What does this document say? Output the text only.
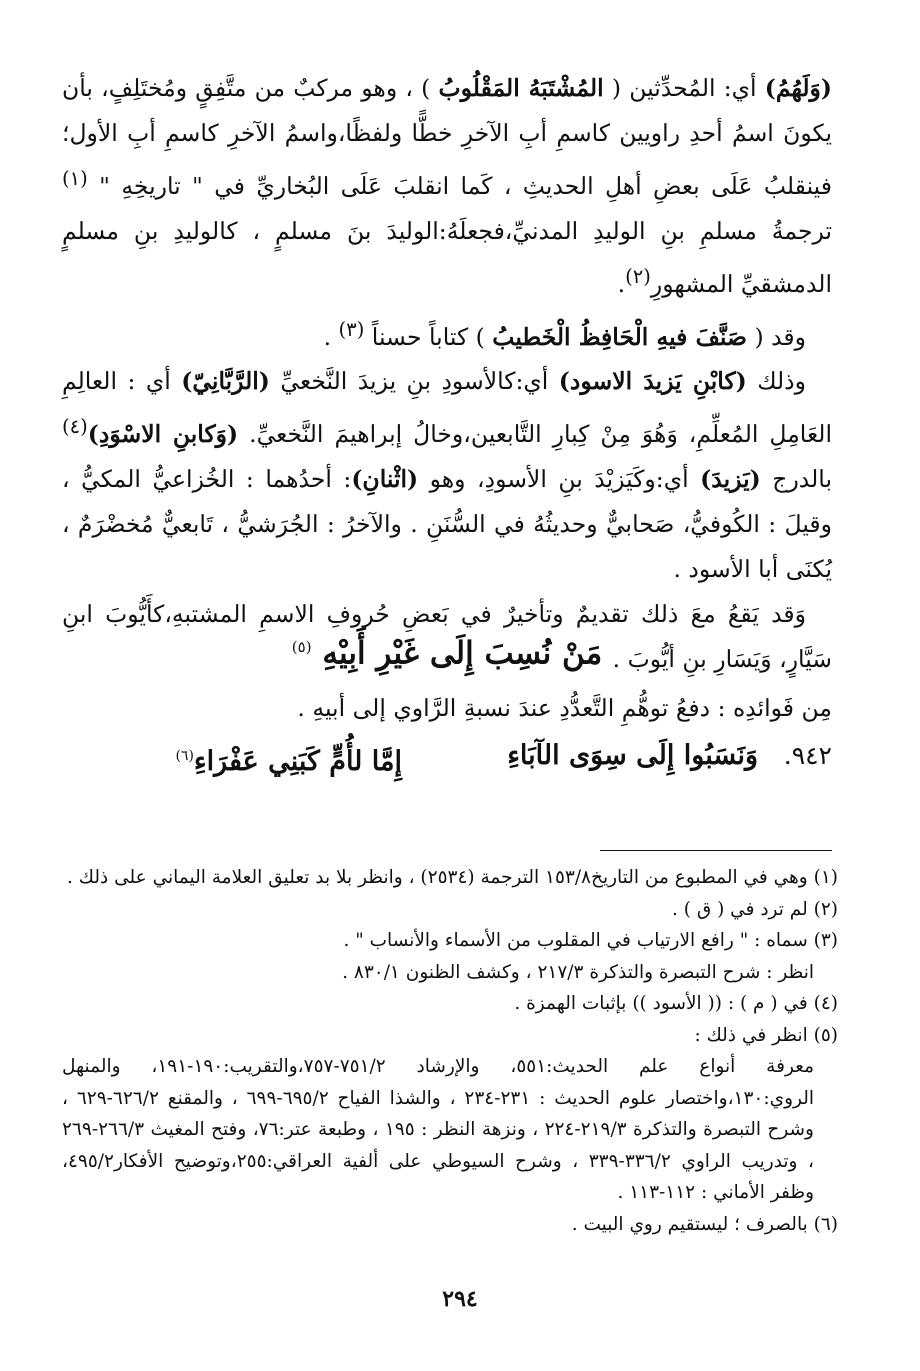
(وَلَهُمُ) أي: المُحدِّثين ( المُشْتَبَهُ المَقْلُوبُ ) ، وهو مركبٌ من متَّفِقٍ ومُختَلِفٍ، بأن يكونَ اسمُ أحدِ راويين كاسمِ أبِ الآخرِ خطًّا ولفظًا،واسمُ الآخرِ كاسمِ أبِ الأول؛ فينقلبُ عَلَى بعضِ أهلِ الحديثِ ، كَما انقلبَ عَلَى البُخاريِّ في " تاريخِهِ " $^{(١)}$ ترجمةُ مسلمِ بنِ الوليدِ المدنيِّ،فجعلَهُ:الوليدَ بنَ مسلمٍ ، كالوليدِ بنِ مسلمٍ الدمشقيِّ المشهورِ$^{(٢)}$.

وقد ( صَنَّفَ فيهِ الْحَافِظُ الْخَطيبُ ) كتاباً حسناً $^{(٣)}$ .

وذلك (كابْنِ يَزيدَ الاسود) أي:كالأسودِ بنِ يزيدَ النَّخعيِّ (الرَّبَّانِيّ) أي : العالِمِ العَامِلِ المُعلِّمِ، وَهُوَ مِنْ كِبارِ التَّابعين،وخالُ إبراهيمَ النَّخعيِّ. (وَكابنِ الاسْوَدِ)$^{(٤)}$ بالدرج (يَزيدَ) أي:وكَيَزيْدَ بنِ الأسودِ، وهو (اثْنانِ): أحدُهما : الخُزاعيُّ المكيُّ ، وقيلَ : الكُوفيُّ، صَحابيٌّ وحديثُهُ في السُّنَنِ . والآخرُ : الجُرَشيُّ ، تَابعيٌّ مُخضْرَمٌ ، يُكنَى أبا الأسود .

وَقد يَقعُ معَ ذلك تقديمٌ وتأخيرٌ في بَعضِ حُروفِ الاسمِ المشتبهِ،كأَيُّوبَ ابنِ سَيَّارٍ، وَيَسَارِ بنِ أيُّوبَ .

مَنْ نُسِبَ إِلَى غَيْرِ أَبِيْهِ $^{(٥)}$
مِن فَوائدِه : دفعُ توهُّمِ التَّعدُّدِ عندَ نسبةِ الرَّاوي إلى أبيهِ .
٩٤٢.
وَنَسَبُوا إِلَى سِوَى الآبَاءِ
إِمَّا لأُمٍّ كَبَنِي عَفْرَاءِ$^{(٦)}$

(١) وهي في المطبوع من التاريخ١٥٣/٨ الترجمة (٢٥٣٤) ، وانظر بلا بد تعليق العلامة اليماني على ذلك .

(٢) لم ترد في ( ق ) .

(٣) سماه : " رافع الارتياب في المقلوب من الأسماء والأنساب " .

انظر : شرح التبصرة والتذكرة ٢١٧/٣ ، وكشف الظنون ٨٣٠/١ .

(٤) في ( م ) : (( الأسود )) بإثبات الهمزة .

(٥) انظر في ذلك :

معرفة أنواع علم الحديث:٥٥١، والإرشاد ٧٥١/٢-٧٥٧،والتقريب:١٩٠-١٩١، والمنهل الروي:١٣٠،واختصار علوم الحديث : ٢٣١-٢٣٤ ، والشذا الفياح ٦٩٥/٢-٦٩٩ ، والمقنع ٦٢٦/٢-٦٢٩ ، وشرح التبصرة والتذكرة ٢١٩/٣-٢٢٤ ، ونزهة النظر : ١٩٥ ، وطبعة عتر:٧٦، وفتح المغيث ٢٦٦/٣-٢٦٩ ، وتدريب الراوي ٣٣٦/٢-٣٣٩ ، وشرح السيوطي على ألفية العراقي:٢٥٥،وتوضيح الأفكار٤٩٥/٢، وظفر الأماني : ١١٢-١١٣ .

(٦) بالصرف ؛ ليستقيم روي البيت .

٢٩٤
